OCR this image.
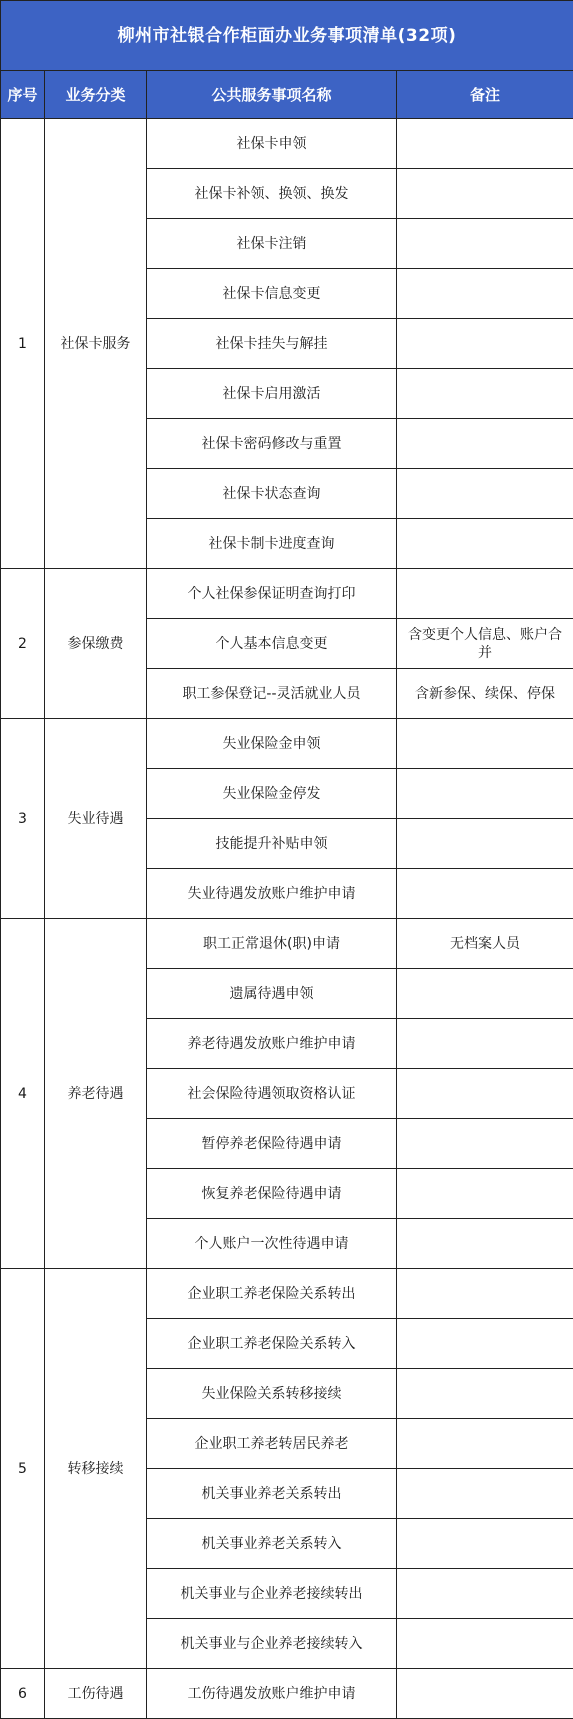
柳州市社银合作柜面办业务事项清单(32项)			
序号	业务分类	公共服务事项名称	备注
1	社保卡服务	社保卡申领	
		社保卡补领、换领、换发	
		社保卡注销	
		社保卡信息变更	
		社保卡挂失与解挂	
		社保卡启用激活	
		社保卡密码修改与重置	
		社保卡状态查询	
		社保卡制卡进度查询	
2	参保缴费	个人社保参保证明查询打印	
		个人基本信息变更	含变更个人信息、账户合并
		职工参保登记--灵活就业人员	含新参保、续保、停保
3	失业待遇	失业保险金申领	
		失业保险金停发	
		技能提升补贴申领	
		失业待遇发放账户维护申请	
4	养老待遇	职工正常退休(职)申请	无档案人员
		遗属待遇申领	
		养老待遇发放账户维护申请	
		社会保险待遇领取资格认证	
		暂停养老保险待遇申请	
		恢复养老保险待遇申请	
		个人账户一次性待遇申请	
5	转移接续	企业职工养老保险关系转出	
		企业职工养老保险关系转入	
		失业保险关系转移接续	
		企业职工养老转居民养老	
		机关事业养老关系转出	
		机关事业养老关系转入	
		机关事业与企业养老接续转出	
		机关事业与企业养老接续转入	
6	工伤待遇	工伤待遇发放账户维护申请	
